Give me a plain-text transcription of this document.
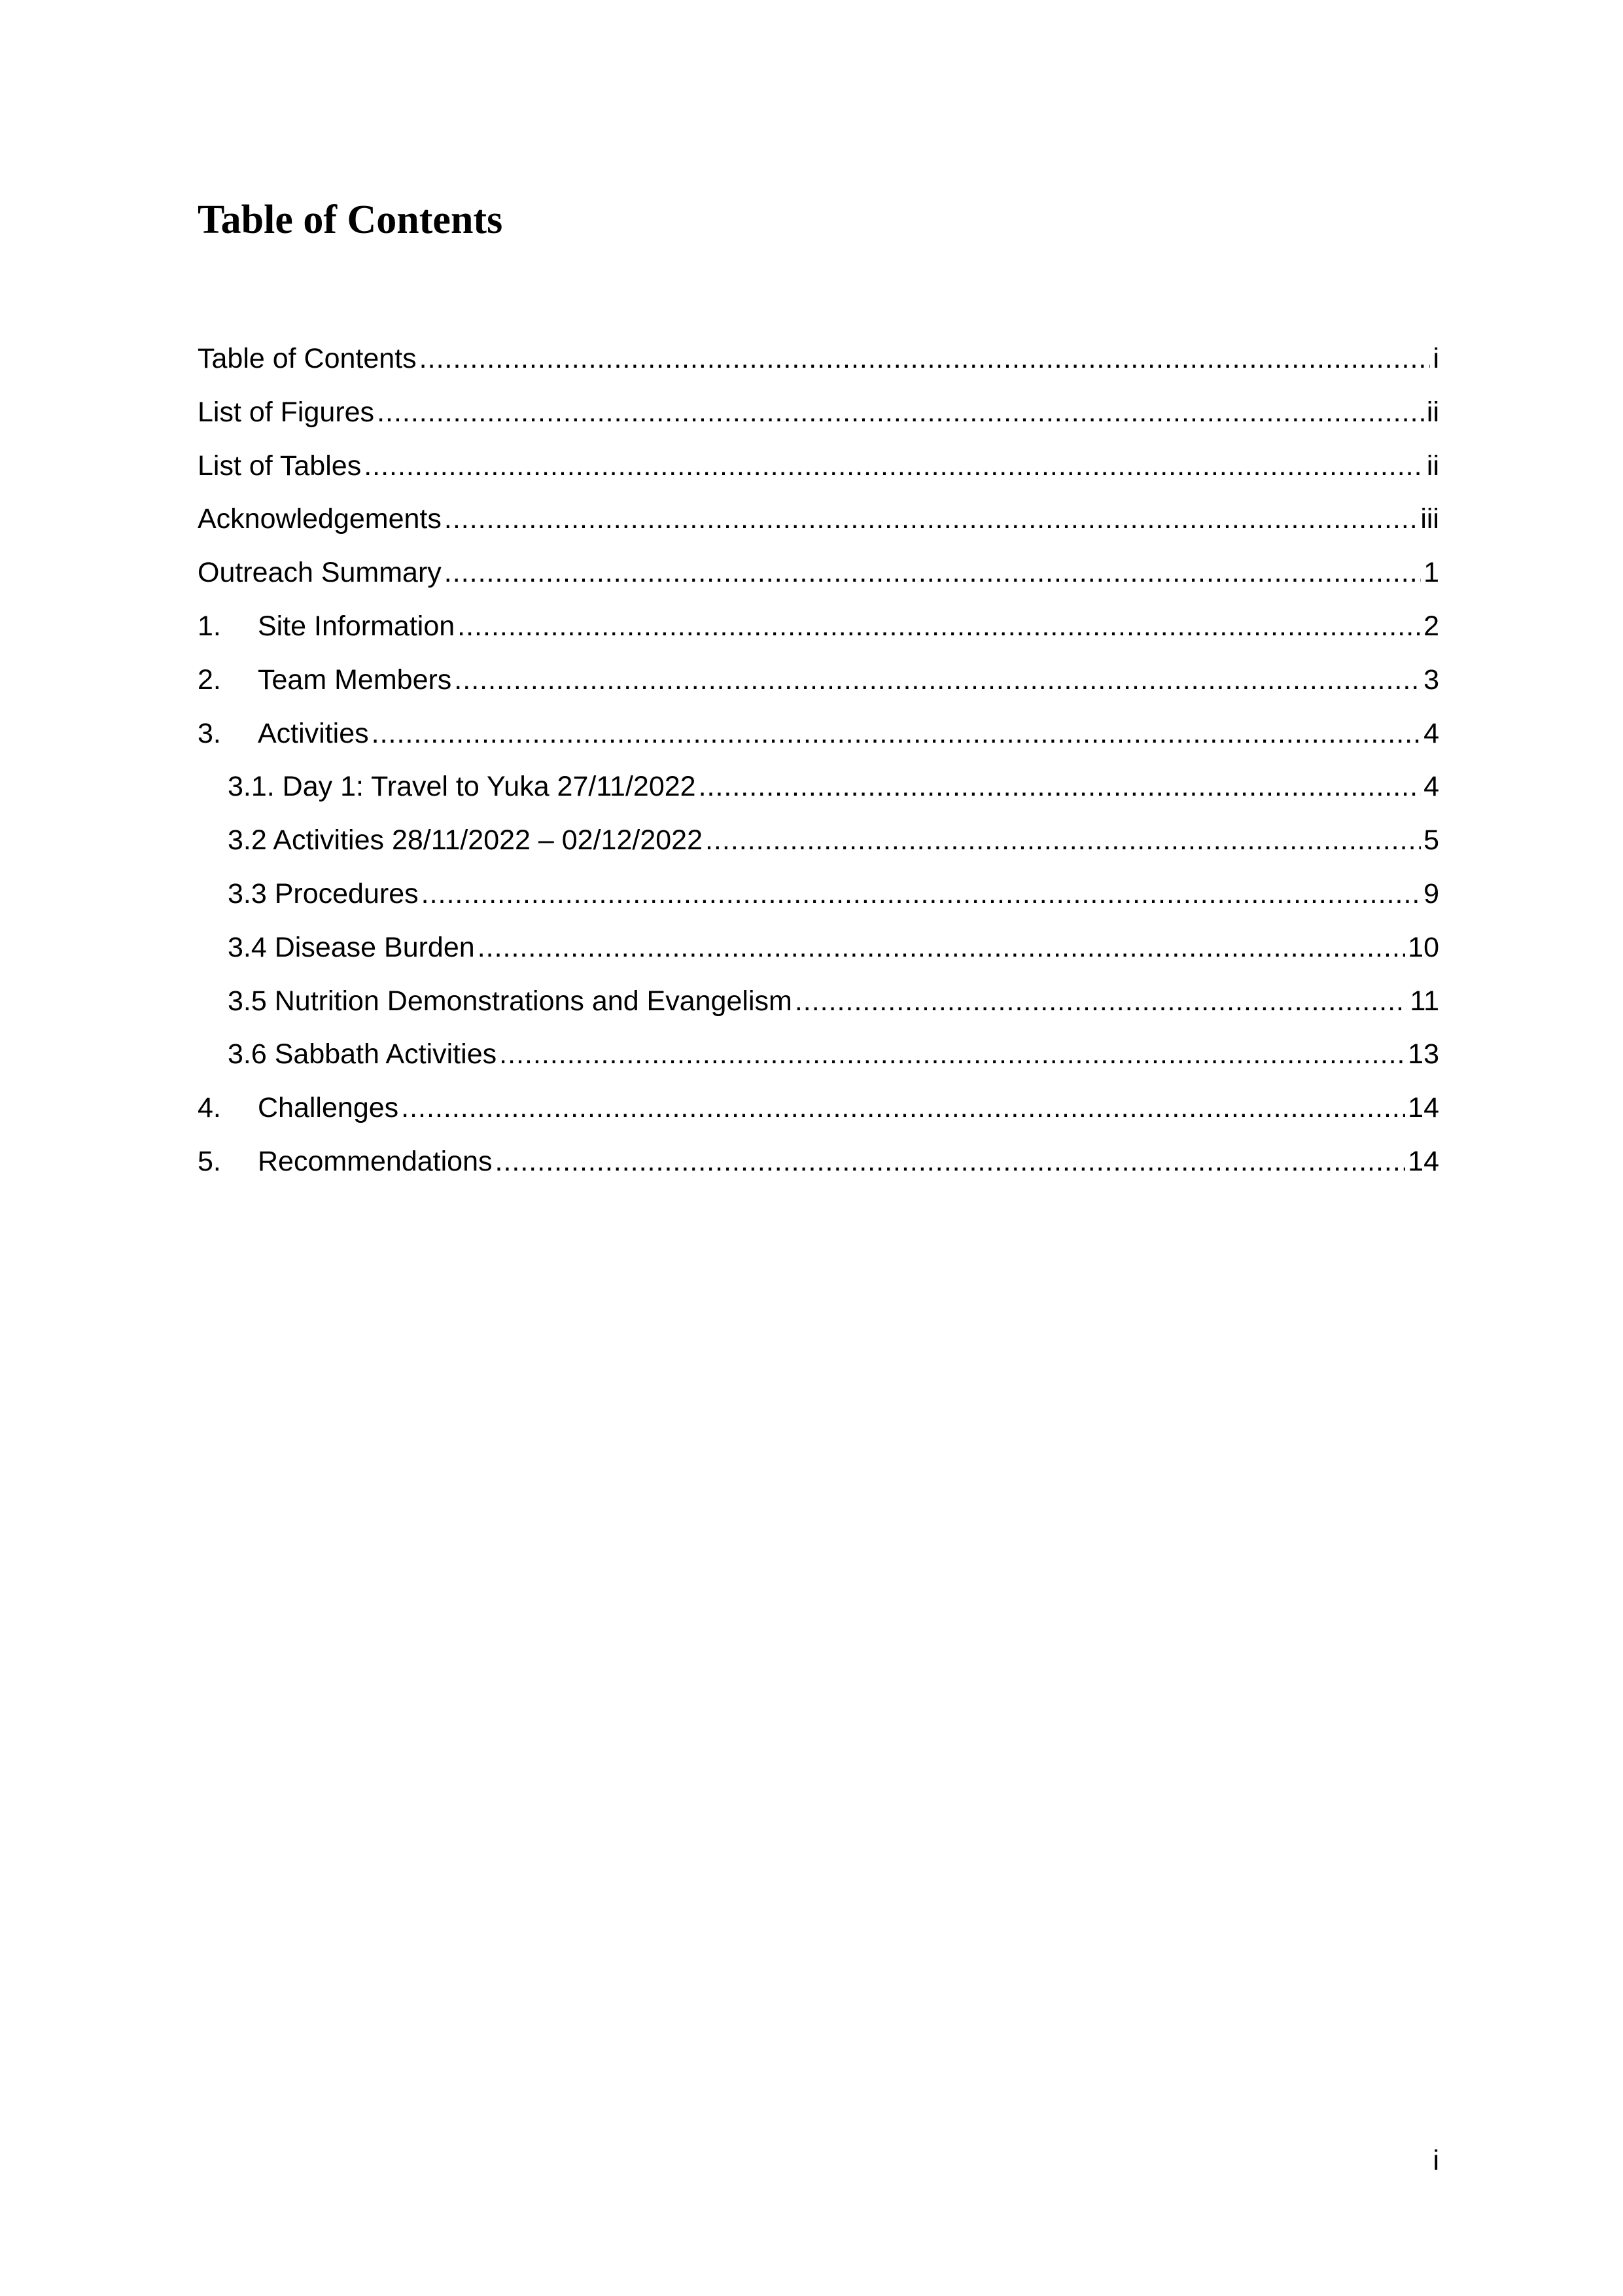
Table of Contents
Table of Contents .....	i
List of Figures .....	ii
List of Tables .....	ii
Acknowledgements .....	iii
Outreach Summary .....	1
1.	Site Information .....	2
2.	Team Members .....	3
3.	Activities .....	4
3.1. Day 1: Travel to Yuka 27/11/2022 .....	4
3.2 Activities 28/11/2022 – 02/12/2022 .....	5
3.3 Procedures .....	9
3.4 Disease Burden .....	10
3.5 Nutrition Demonstrations and Evangelism .....	11
3.6 Sabbath Activities .....	13
4.	Challenges .....	14
5.	Recommendations .....	14
i
